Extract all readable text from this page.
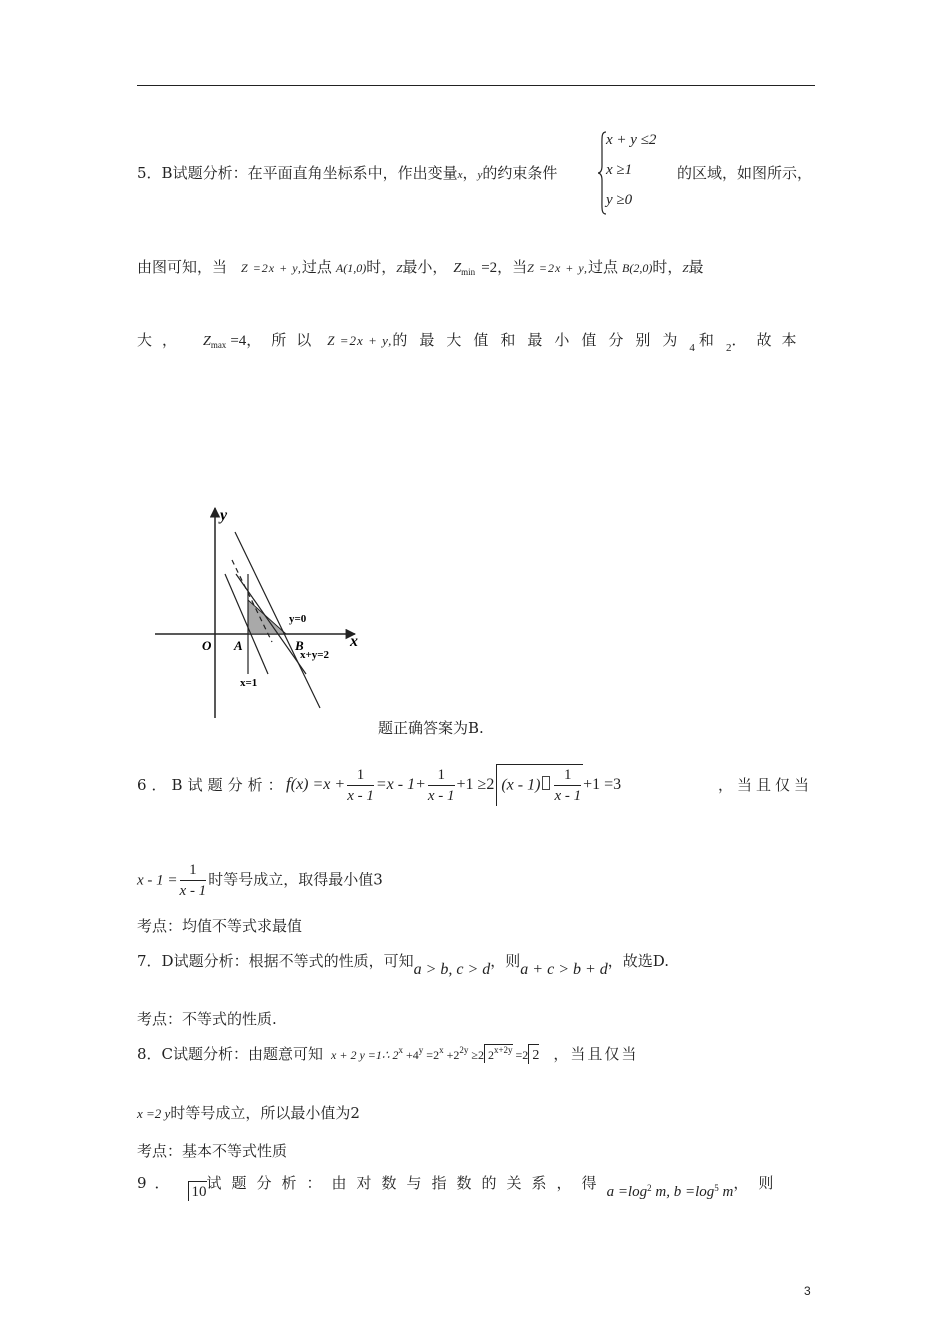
5．B试题分析：在平面直角坐标系中，作出变量x，y的约束条件
x + y ≤2
x ≥1
y ≥0
的区域，如图所示，
由图可知，当 Z =2x + y,过点 A(1,0)时，Z最小， $Z_{min} =2$，当Z =2x + y,过点 B(2,0)时，Z最
大， $Z_{max} =4$，所以 Z =2x + y,的最大值和最小值分别为$_4$ 和 $_2$．故本
y
x
O A	B
y=0
x+y=2
x=1
题正确答案为B.
6．B试题分析：
$f(x) =x + \frac{1}{x - 1} =x - 1+ \frac{1}{x - 1} +1 \ge 2$ $(x - 1) \frac{1}{x - 1} +1 =3$	，当且仅当
$x - 1 = \frac{1}{x - 1}$ 时等号成立，取得最小值3
考点：均值不等式求最值
7．D试题分析：根据不等式的性质，可知a > b, c > d，则a + c > b + d，故选D.
考点：不等式的性质.
8．C试题分析：由题意可知 x + 2 y =1∴ $2^x +4^y =2^x +2^{2y} \ge 2$ $2^{x+2y} =2$ 2 ，当且仅当
x =2 y时等号成立，所以最小值为2
考点：基本不等式性质
9． 10试题分析：由对数与指数的关系，得$a =\log_2$ m, $b =\log_5$ m，则
3
